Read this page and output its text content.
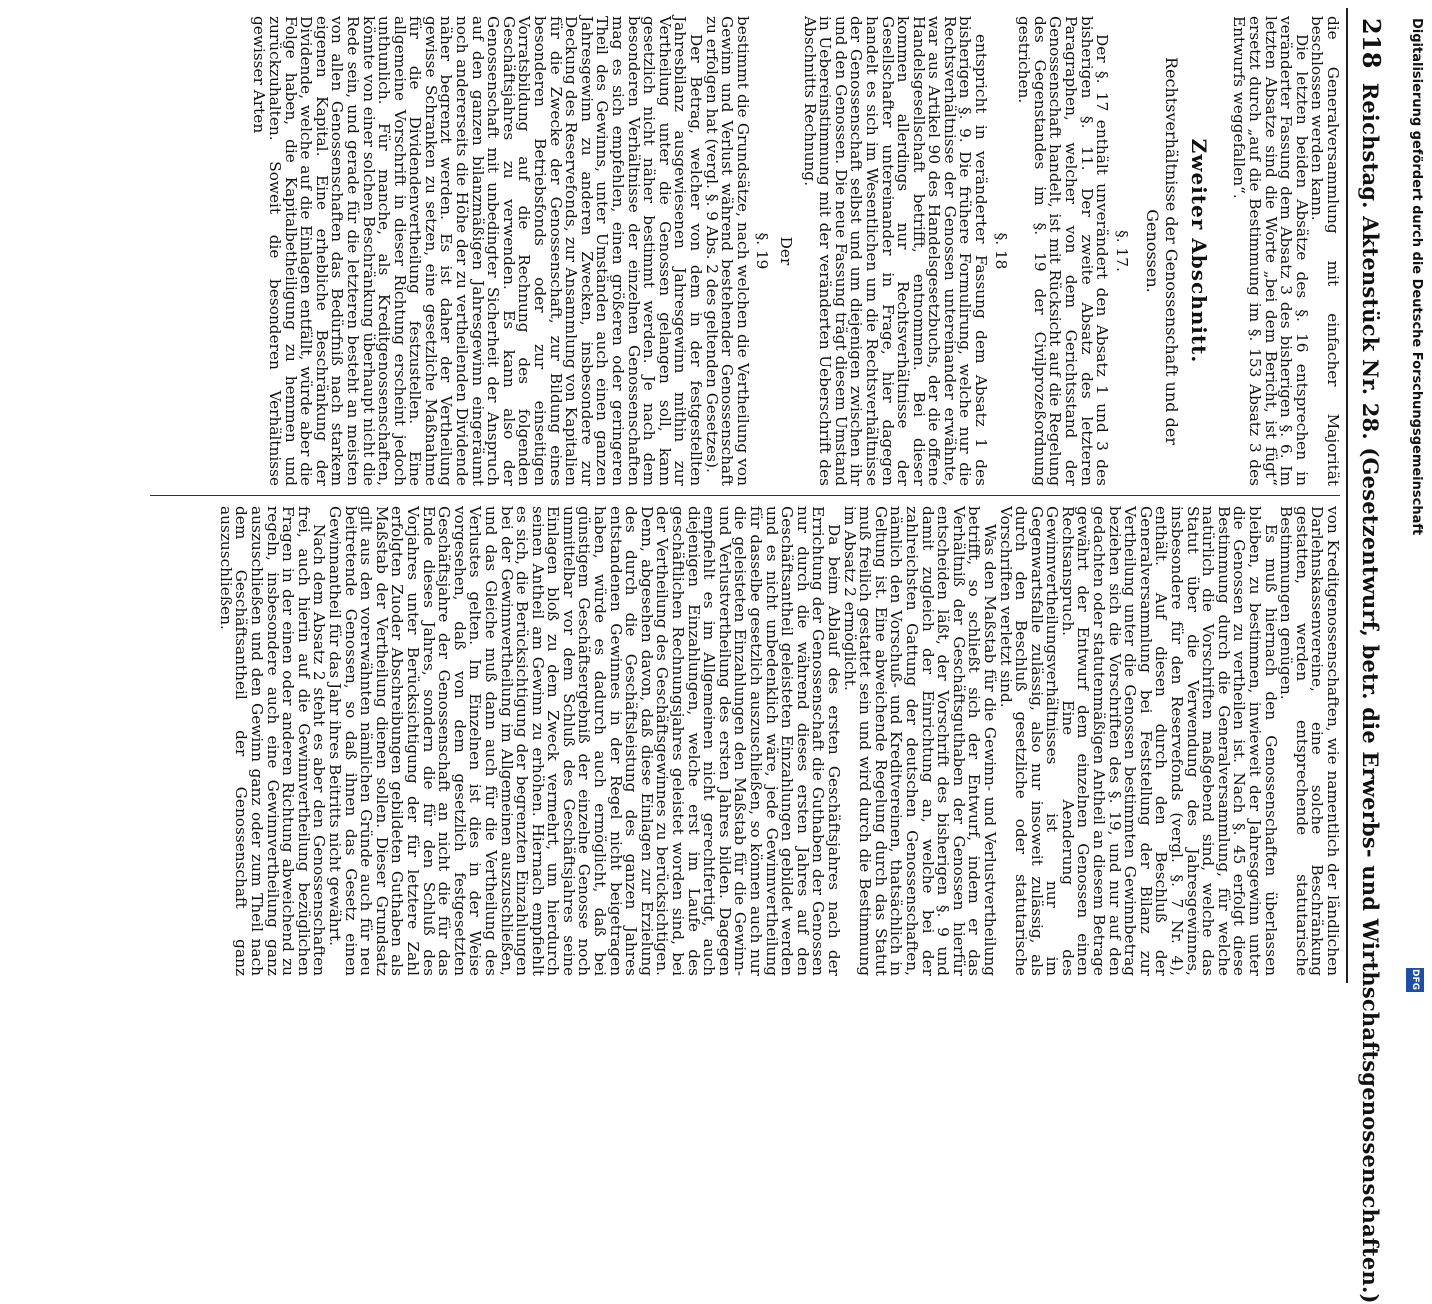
218
Reichstag. Aktenstück Nr. 28. (Gesetzentwurf, betr. die Erwerbs- und Wirthschaftsgenossenschaften.)

die Generalversammlung mit einfacher Majorität beschlossen werden kann.

Die letzten beiden Absätze des §. 16 entsprechen in veränderter Fassung dem Absatz 3 des bisherigen §. 6. Im letzten Absatze sind die Worte „bei dem Bericht, ist fügt“ ersetzt durch „auf die Bestimmung im §. 153 Absatz 3 des Entwurfs weggefallen“.

Zweiter Abschnitt.
Rechtsverhältnisse der Genossenschaft und der Genossen.
§. 17.

Der §. 17 enthält unverändert den Absatz 1 und 3 des bisherigen §. 11. Der zweite Absatz des letzteren Paragraphen, welcher von dem Gerichtsstand der Genossenschaft handelt, ist mit Rücksicht auf die Regelung des Gegenstandes im §. 19 der Civilprozeßordnung gestrichen.

§. 18

entspricht in veränderter Fassung dem Absatz 1 des bisherigen §. 9. Die frühere Formulirung, welche nur die Rechtsverhältnisse der Genossen untereinander erwähnte, war aus Artikel 90 des Handelsgesetzbuchs, der die offene Handelsgesellschaft betrifft, entnommen. Bei dieser kommen allerdings nur Rechtsverhältnisse der Gesellschafter untereinander in Frage, hier dagegen handelt es sich im Wesentlichen um die Rechtsverhältnisse der Genossenschaft selbst und um diejenigen zwischen ihr und den Genossen. Die neue Fassung trägt diesem Umstand in Uebereinstimmung mit der veränderten Ueberschrift des Abschnitts Rechnung.

Der
§. 19

bestimmt die Grundsätze, nach welchen die Vertheilung von Gewinn und Verlust während bestehender Genossenschaft zu erfolgen hat (vergl. §. 9 Abs. 2 des geltenden Gesetzes).

Der Betrag, welcher von dem in der festgestellten Jahresbilanz ausgewiesenen Jahresgewinn mithin zur Vertheilung unter die Genossen gelangen soll, kann gesetzlich nicht näher bestimmt werden. Je nach dem besonderen Verhältnisse der einzelnen Genossenschaften mag es sich empfehlen, einen größeren oder geringeren Theil des Gewinns, unter Umständen auch einen ganzen Jahresgewinn zu anderen Zwecken, insbesondere zur Deckung des Reservefonds, zur Ansammlung von Kapitalien für die Zwecke der Genossenschaft, zur Bildung eines besonderen Betriebsfonds oder zur einseitigen Vorratsbildung auf die Rechnung des folgenden Geschäftsjahres zu verwenden. Es kann also der Genossenschaft mit unbedingter Sicherheit der Anspruch auf den ganzen bilanzmäßigen Jahresgewinn eingeräumt noch andererseits die Höhe der zu vertheilenden Dividende näher begrenzt werden. Es ist daher der Vertheilung gewisse Schranken zu setzen, eine gesetzliche Maßnahme für die Dividendenvertheilung festzustellen. Eine allgemeine Vorschrift in dieser Richtung erscheint jedoch unthunlich. Für manche, als Kreditgenossenschaften, könnte von einer solchen Beschränkung überhaupt nicht die Rede sein, und gerade für die letzteren besteht an meisten von allen Genossenschaften das Bedürfniß nach starkem eigenen Kapital. Eine erhebliche Beschränkung der Dividende, welche auf die Einlagen entfällt, würde aber die Folge haben, die Kapitalbetheiligung zu hemmen und zurückzuhalten. Soweit die besonderen Verhältnisse gewisser Arten

von Kreditgenossenschaften, wie namentlich der ländlichen Darlehnskassenvereine, eine solche Beschränkung gestatten, werden entsprechende statutarische Bestimmungen genügen.

Es muß hiernach den Genossenschaften überlassen bleiben, zu bestimmen, inwieweit der Jahresgewinn unter die Genossen zu vertheilen ist. Nach §. 45 erfolgt diese Bestimmung durch die Generalversammlung, für welche natürlich die Vorschriften maßgebend sind, welche das Statut über die Verwendung des Jahresgewinnes, insbesondere für den Reservefonds (vergl. §. 7 Nr. 4), enthält. Auf diesen durch den Beschluß der Generalversammlung bei Feststellung der Bilanz zur Vertheilung unter die Genossen bestimmten Gewinnbetrag beziehen sich die Vorschriften des §. 19, und nur auf den gedachten oder statutenmäßigen Antheil an diesem Betrage gewährt der Entwurf dem einzelnen Genossen einen Rechtsanspruch. Eine Aenderung des Gewinnvertheilungsverhältnisses ist nur im Gegenwartsfalle zulässig, also nur insoweit zulässig, als durch den Beschluß gesetzliche oder statutarische Vorschriften verletzt sind.

Was den Maßstab für die Gewinn- und Verlustvertheilung betrifft, so schließt sich der Entwurf, indem er das Verhältniß der Geschäftsguthaben der Genossen hierfür entscheiden läßt, der Vorschrift des bisherigen §. 9 und damit zugleich der Einrichtung an, welche bei der zahlreichsten Gattung der deutschen Genossenschaften, nämlich den Vorschuß- und Kreditvereinen, thatsächlich in Geltung ist. Eine abweichende Regelung durch das Statut muß freilich gestattet sein und wird durch die Bestimmung im Absatz 2 ermöglicht.

Da beim Ablauf des ersten Geschäftsjahres nach der Errichtung der Genossenschaft die Guthaben der Genossen nur durch die während dieses ersten Jahres auf den Geschäftsantheil geleisteten Einzahlungen gebildet werden und es nicht unbedenklich wäre, jede Gewinnvertheilung für dasselbe gesetzlich auszuschließen, so können auch nur die geleisteten Einzahlungen den Maßstab für die Gewinn- und Verlustvertheilung des ersten Jahres bilden. Dagegen empfiehlt es im Allgemeinen nicht gerechtfertigt, auch diejenigen Einzahlungen, welche erst im Laufe des geschäftlichen Rechnungsjahres geleistet worden sind, bei der Vertheilung des Geschäftsgewinnes zu berücksichtigen. Denn, abgesehen davon, daß diese Einlagen zur Erzielung des durch die Geschäftsleistung des ganzen Jahres entstandenen Gewinnes in der Regel nicht beigetragen haben, würde es dadurch auch ermöglicht, daß bei günstigem Geschäftsergebniß der einzelne Genosse noch unmittelbar vor dem Schluß des Geschäftsjahres seine Einlagen bloß zu dem Zweck vermehrt, um hierdurch seinen Antheil am Gewinn zu erhöhen. Hiernach empfiehlt es sich, die Berücksichtigung der begrenzten Einzahlungen bei der Gewinnvertheilung im Allgemeinen auszuschließen, und das Gleiche muß dann auch für die Vertheilung des Verlustes gelten. Im Einzelnen ist dies in der Weise vorgesehen, daß von dem gesetzlich festgesetzten Geschäftsjahre der Genossenschaft an nicht die für das Ende dieses Jahres, sondern die für den Schluß des Vorjahres unter Berücksichtigung der für letztere Zahl erfolgten Zuoder Abschreibungen gebildeten Guthaben als Maßstab der Vertheilung dienen sollen. Dieser Grundsatz gilt aus den vorerwähnten nämlichen Gründe auch für neu beitretende Genossen, so daß ihnen das Gesetz einen Gewinnantheil für das Jahr ihres Beitritts nicht gewährt.

Nach dem Absatz 2 steht es aber den Genossenschaften frei, auch hierin auf die Gewinnvertheilung bezüglichen Fragen in der einen oder anderen Richtung abweichend zu regeln, insbesondere auch eine Gewinnvertheilung ganz auszuschließen und den Gewinn ganz oder zum Theil nach dem Geschäftsantheil der Genossenschaft ganz auszuschließen.

Digitalisierung gefördert durch die Deutsche Forschungsgemeinschaft
DFG
